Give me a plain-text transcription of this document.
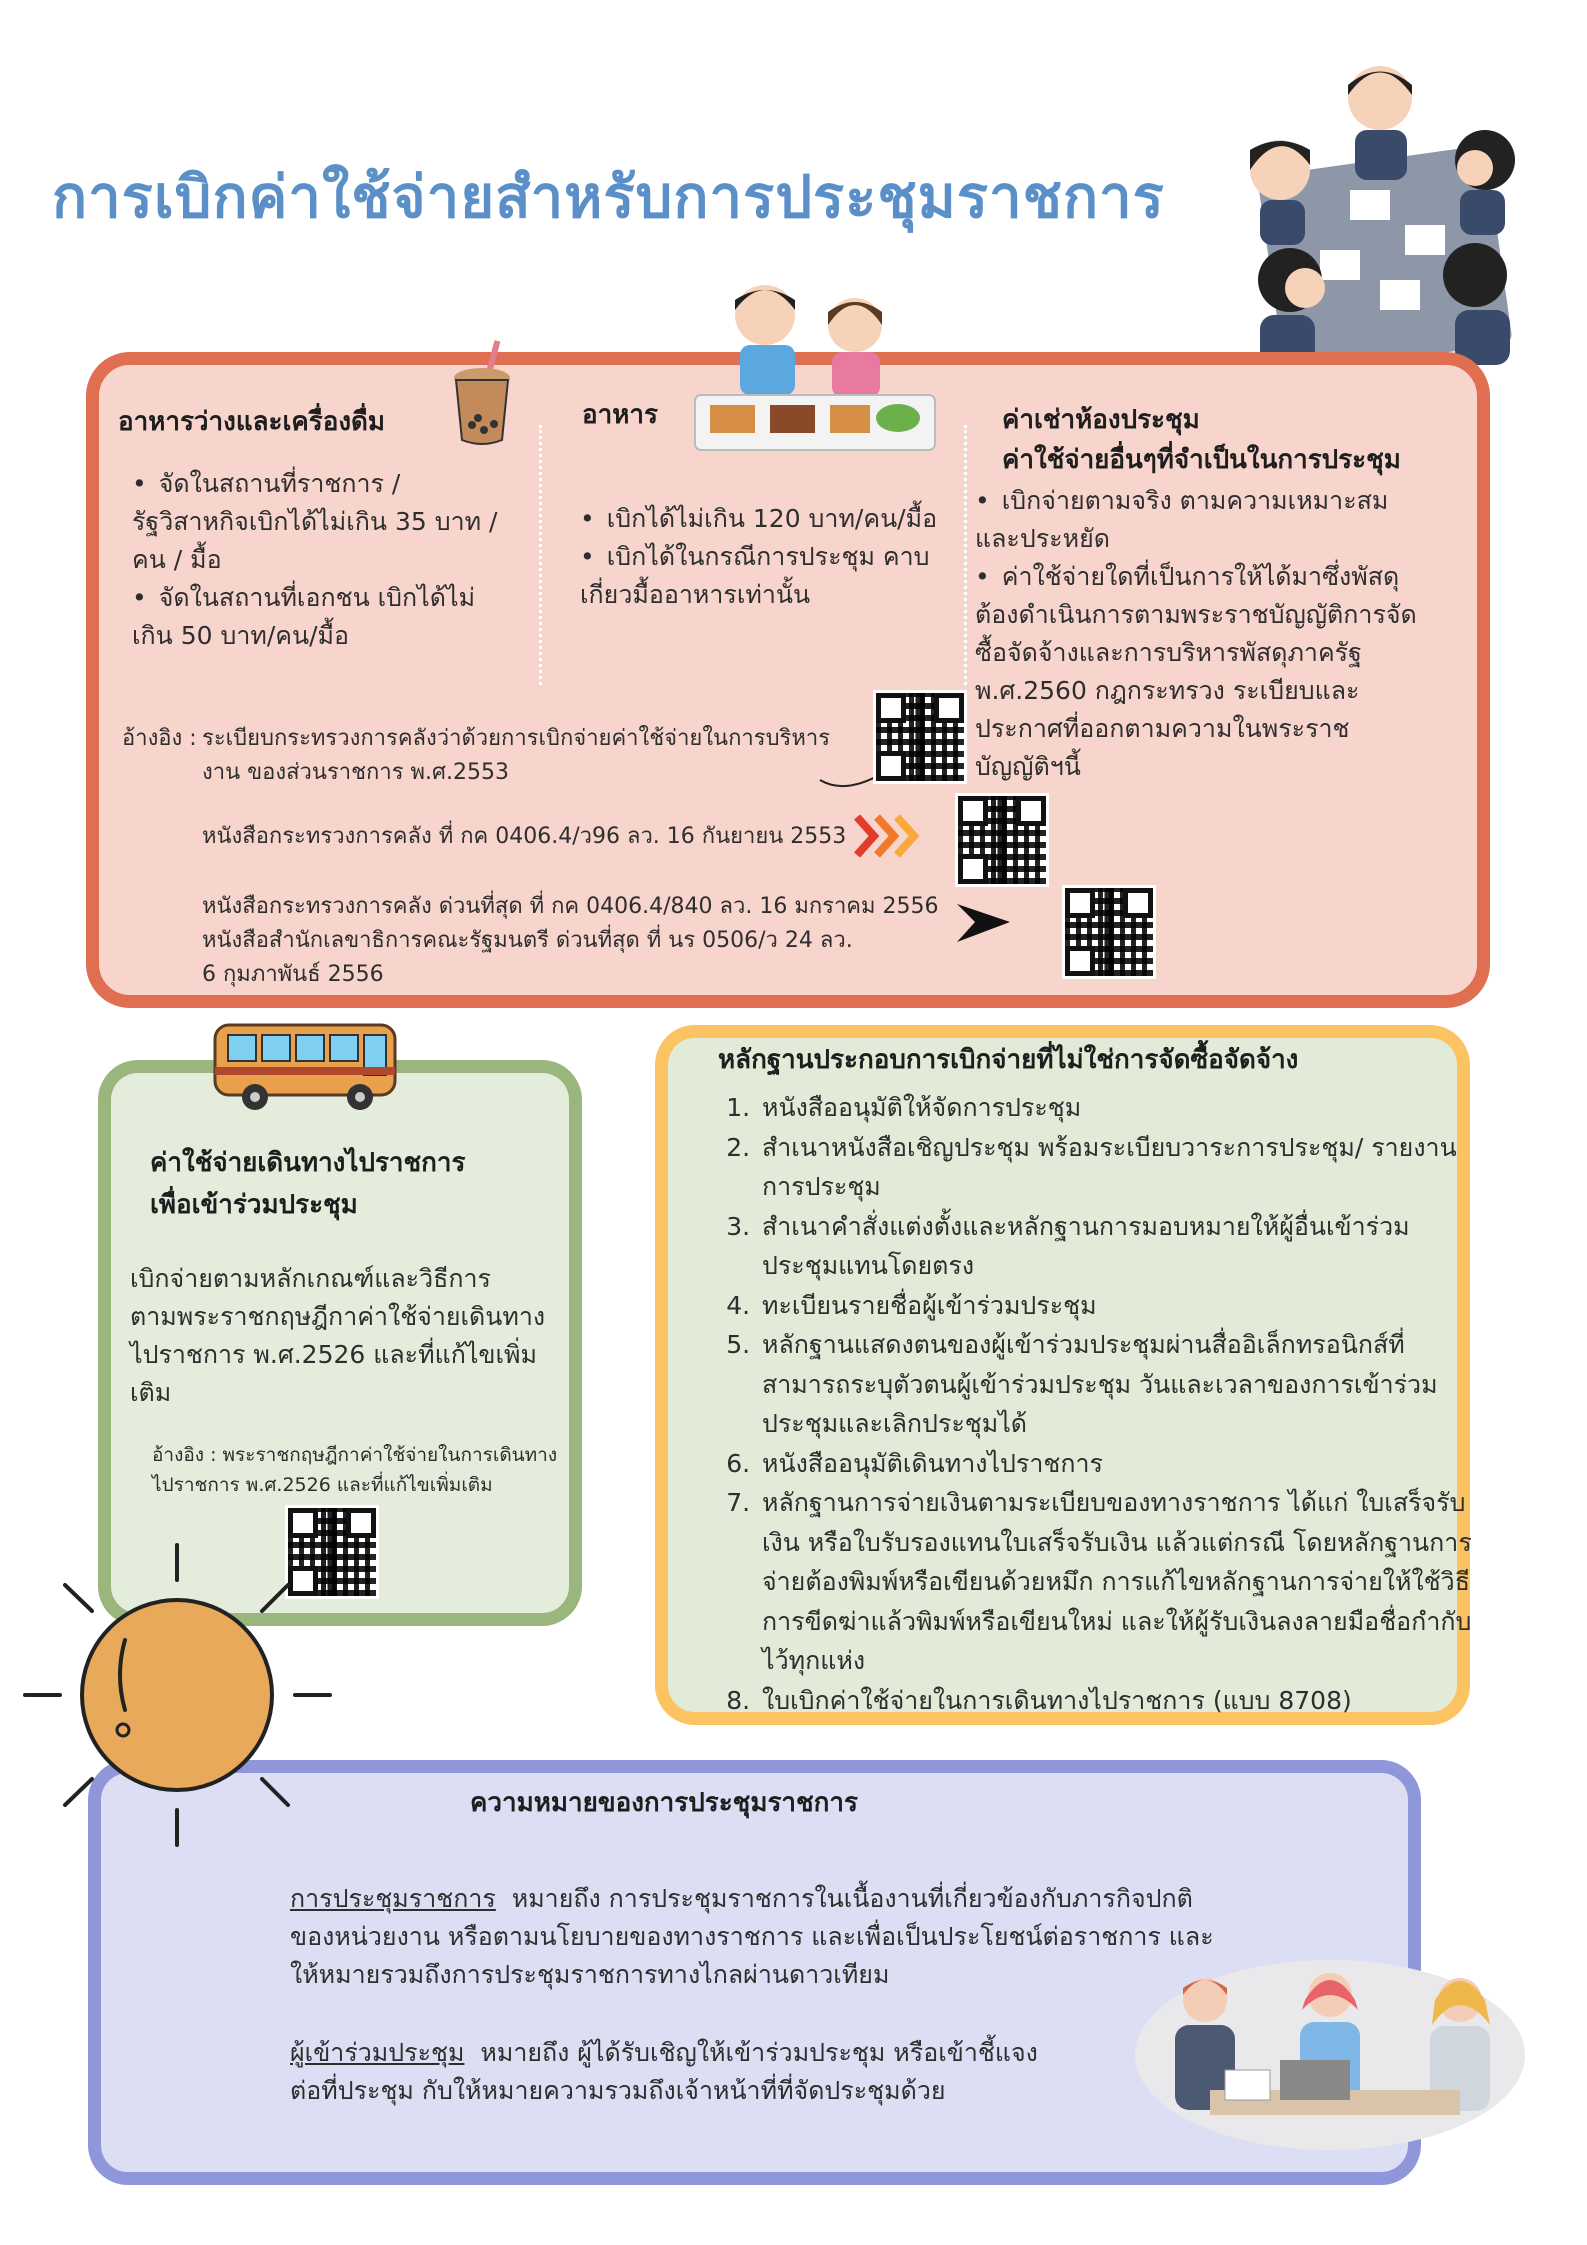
การเบิกค่าใช้จ่ายสำหรับการประชุมราชการ
อาหารว่างและเครื่องดื่ม
• จัดในสถานที่ราชการ / รัฐวิสาหกิจเบิกได้ไม่เกิน 35 บาท / คน / มื้อ
• จัดในสถานที่เอกชน เบิกได้ไม่เกิน 50 บาท/คน/มื้อ
อาหาร
• เบิกได้ไม่เกิน 120 บาท/คน/มื้อ
• เบิกได้ในกรณีการประชุม คาบเกี่ยวมื้ออาหารเท่านั้น
ค่าเช่าห้องประชุม
ค่าใช้จ่ายอื่นๆที่จำเป็นในการประชุม
• เบิกจ่ายตามจริง ตามความเหมาะสมและประหยัด
• ค่าใช้จ่ายใดที่เป็นการให้ได้มาซึ่งพัสดุต้องดำเนินการตามพระราชบัญญัติการจัดซื้อจัดจ้างและการบริหารพัสดุภาครัฐ พ.ศ.2560 กฎกระทรวง ระเบียบและประกาศที่ออกตามความในพระราชบัญญัติฯนี้
อ้างอิง : ระเบียบกระทรวงการคลังว่าด้วยการเบิกจ่ายค่าใช้จ่ายในการบริหารงาน ของส่วนราชการ พ.ศ.2553
หนังสือกระทรวงการคลัง ที่ กค 0406.4/ว96 ลว. 16 กันยายน 2553
หนังสือกระทรวงการคลัง ด่วนที่สุด ที่ กค 0406.4/840 ลว. 16 มกราคม 2556
หนังสือสำนักเลขาธิการคณะรัฐมนตรี ด่วนที่สุด ที่ นร 0506/ว 24 ลว. 6 กุมภาพันธ์ 2556
ค่าใช้จ่ายเดินทางไปราชการ
เพื่อเข้าร่วมประชุม
เบิกจ่ายตามหลักเกณฑ์และวิธีการตามพระราชกฤษฎีกาค่าใช้จ่ายเดินทางไปราชการ พ.ศ.2526 และที่แก้ไขเพิ่มเติม
อ้างอิง : พระราชกฤษฎีกาค่าใช้จ่ายในการเดินทางไปราชการ พ.ศ.2526 และที่แก้ไขเพิ่มเติม
หลักฐานประกอบการเบิกจ่ายที่ไม่ใช่การจัดซื้อจัดจ้าง
1. หนังสืออนุมัติให้จัดการประชุม
2. สำเนาหนังสือเชิญประชุม พร้อมระเบียบวาระการประชุม/ รายงานการประชุม
3. สำเนาคำสั่งแต่งตั้งและหลักฐานการมอบหมายให้ผู้อื่นเข้าร่วมประชุมแทนโดยตรง
4. ทะเบียนรายชื่อผู้เข้าร่วมประชุม
5. หลักฐานแสดงตนของผู้เข้าร่วมประชุมผ่านสื่ออิเล็กทรอนิกส์ที่สามารถระบุตัวตนผู้เข้าร่วมประชุม วันและเวลาของการเข้าร่วมประชุมและเลิกประชุมได้
6. หนังสืออนุมัติเดินทางไปราชการ
7. หลักฐานการจ่ายเงินตามระเบียบของทางราชการ ได้แก่ ใบเสร็จรับเงิน หรือใบรับรองแทนใบเสร็จรับเงิน แล้วแต่กรณี โดยหลักฐานการจ่ายต้องพิมพ์หรือเขียนด้วยหมึก การแก้ไขหลักฐานการจ่ายให้ใช้วิธีการขีดฆ่าแล้วพิมพ์หรือเขียนใหม่ และให้ผู้รับเงินลงลายมือชื่อกำกับไว้ทุกแห่ง
8. ใบเบิกค่าใช้จ่ายในการเดินทางไปราชการ (แบบ 8708)
ความหมายของการประชุมราชการ
การประชุมราชการ หมายถึง การประชุมราชการในเนื้องานที่เกี่ยวข้องกับภารกิจปกติของหน่วยงาน หรือตามนโยบายของทางราชการ และเพื่อเป็นประโยชน์ต่อราชการ และให้หมายรวมถึงการประชุมราชการทางไกลผ่านดาวเทียม
ผู้เข้าร่วมประชุม หมายถึง ผู้ได้รับเชิญให้เข้าร่วมประชุม หรือเข้าชี้แจงต่อที่ประชุม กับให้หมายความรวมถึงเจ้าหน้าที่ที่จัดประชุมด้วย
